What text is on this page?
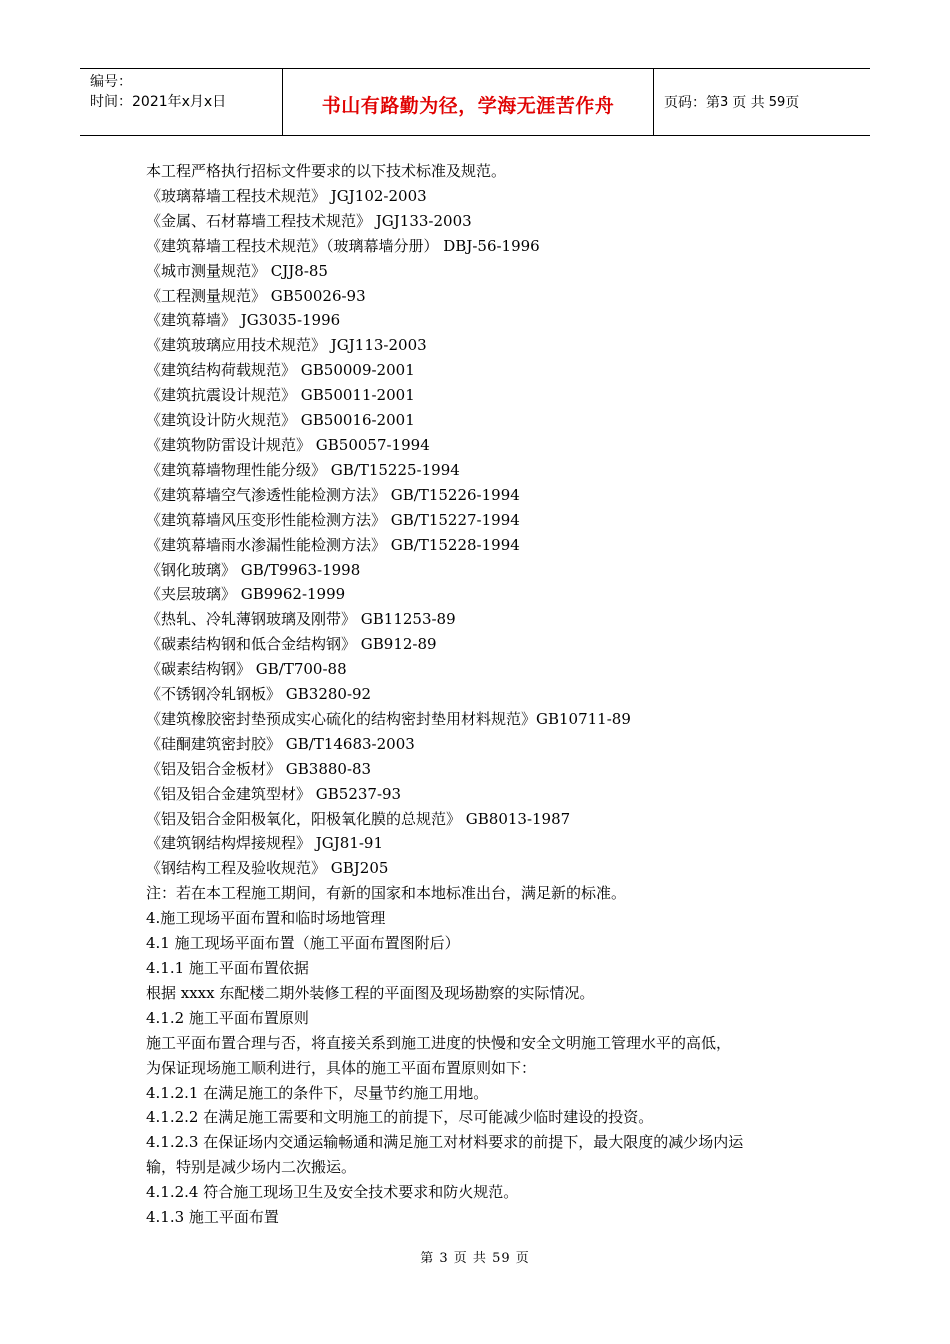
编号：
时间：2021年x月x日	书山有路勤为径，学海无涯苦作舟	页码：第 3 页 共 59 页
本工程严格执行招标文件要求的以下技术标准及规范。
《玻璃幕墙工程技术规范》 JGJ102-2003
《金属、石材幕墙工程技术规范》 JGJ133-2003
《建筑幕墙工程技术规范》（玻璃幕墙分册） DBJ-56-1996
《城市测量规范》 CJJ8-85
《工程测量规范》 GB50026-93
《建筑幕墙》 JG3035-1996
《建筑玻璃应用技术规范》 JGJ113-2003
《建筑结构荷载规范》 GB50009-2001
《建筑抗震设计规范》 GB50011-2001
《建筑设计防火规范》 GB50016-2001
《建筑物防雷设计规范》 GB50057-1994
《建筑幕墙物理性能分级》 GB/T15225-1994
《建筑幕墙空气渗透性能检测方法》 GB/T15226-1994
《建筑幕墙风压变形性能检测方法》 GB/T15227-1994
《建筑幕墙雨水渗漏性能检测方法》 GB/T15228-1994
《钢化玻璃》 GB/T9963-1998
《夹层玻璃》 GB9962-1999
《热轧、冷轧薄钢玻璃及刚带》 GB11253-89
《碳素结构钢和低合金结构钢》 GB912-89
《碳素结构钢》 GB/T700-88
《不锈钢冷轧钢板》 GB3280-92
《建筑橡胶密封垫预成实心硫化的结构密封垫用材料规范》GB10711-89
《硅酮建筑密封胶》 GB/T14683-2003
《铝及铝合金板材》 GB3880-83
《铝及铝合金建筑型材》 GB5237-93
《铝及铝合金阳极氧化，阳极氧化膜的总规范》 GB8013-1987
《建筑钢结构焊接规程》 JGJ81-91
《钢结构工程及验收规范》 GBJ205
注：若在本工程施工期间，有新的国家和本地标准出台，满足新的标准。
4.施工现场平面布置和临时场地管理
4.1 施工现场平面布置（施工平面布置图附后）
4.1.1 施工平面布置依据
根据 xxxx 东配楼二期外装修工程的平面图及现场勘察的实际情况。
4.1.2 施工平面布置原则
施工平面布置合理与否，将直接关系到施工进度的快慢和安全文明施工管理水平的高低，
为保证现场施工顺利进行，具体的施工平面布置原则如下：
4.1.2.1 在满足施工的条件下，尽量节约施工用地。
4.1.2.2 在满足施工需要和文明施工的前提下，尽可能减少临时建设的投资。
4.1.2.3 在保证场内交通运输畅通和满足施工对材料要求的前提下，最大限度的减少场内运
输，特别是减少场内二次搬运。
4.1.2.4 符合施工现场卫生及安全技术要求和防火规范。
4.1.3 施工平面布置
第 3 页 共 59 页
